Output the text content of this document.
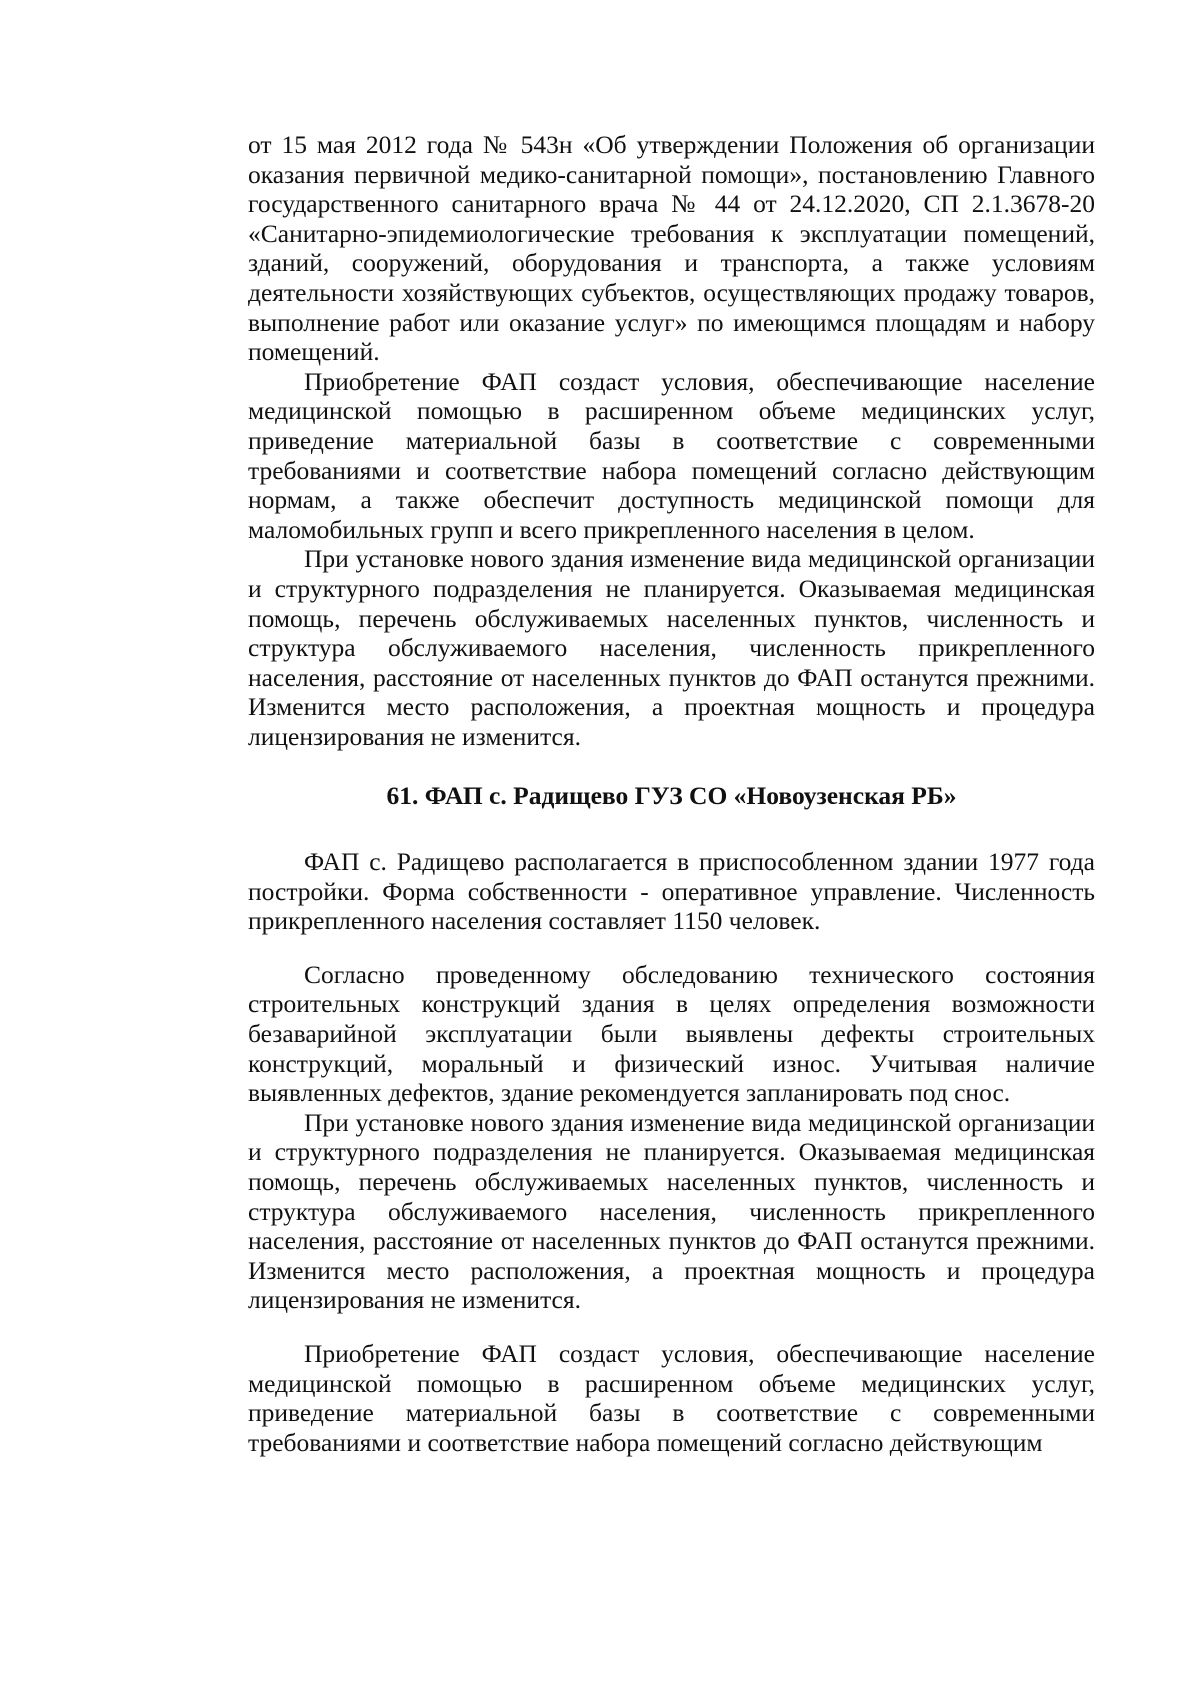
от 15 мая 2012 года № 543н «Об утверждении Положения об организации оказания первичной медико-санитарной помощи», постановлению Главного государственного санитарного врача № 44 от 24.12.2020, СП 2.1.3678-20 «Санитарно-эпидемиологические требования к эксплуатации помещений, зданий, сооружений, оборудования и транспорта, а также условиям деятельности хозяйствующих субъектов, осуществляющих продажу товаров, выполнение работ или оказание услуг» по имеющимся площадям и набору помещений.

Приобретение ФАП создаст условия, обеспечивающие население медицинской помощью в расширенном объеме медицинских услуг, приведение материальной базы в соответствие с современными требованиями и соответствие набора помещений согласно действующим нормам, а также обеспечит доступность медицинской помощи для маломобильных групп и всего прикрепленного населения в целом.

При установке нового здания изменение вида медицинской организации и структурного подразделения не планируется. Оказываемая медицинская помощь, перечень обслуживаемых населенных пунктов, численность и структура обслуживаемого населения, численность прикрепленного населения, расстояние от населенных пунктов до ФАП останутся прежними. Изменится место расположения, а проектная мощность и процедура лицензирования не изменится.

61. ФАП с. Радищево ГУЗ СО «Новоузенская РБ»

ФАП с. Радищево располагается в приспособленном здании 1977 года постройки. Форма собственности - оперативное управление. Численность прикрепленного населения составляет 1150 человек.

Согласно проведенному обследованию технического состояния строительных конструкций здания в целях определения возможности безаварийной эксплуатации были выявлены дефекты строительных конструкций, моральный и физический износ. Учитывая наличие выявленных дефектов, здание рекомендуется запланировать под снос.

При установке нового здания изменение вида медицинской организации и структурного подразделения не планируется. Оказываемая медицинская помощь, перечень обслуживаемых населенных пунктов, численность и структура обслуживаемого населения, численность прикрепленного населения, расстояние от населенных пунктов до ФАП останутся прежними. Изменится место расположения, а проектная мощность и процедура лицензирования не изменится.

Приобретение ФАП создаст условия, обеспечивающие население медицинской помощью в расширенном объеме медицинских услуг, приведение материальной базы в соответствие с современными требованиями и соответствие набора помещений согласно действующим
